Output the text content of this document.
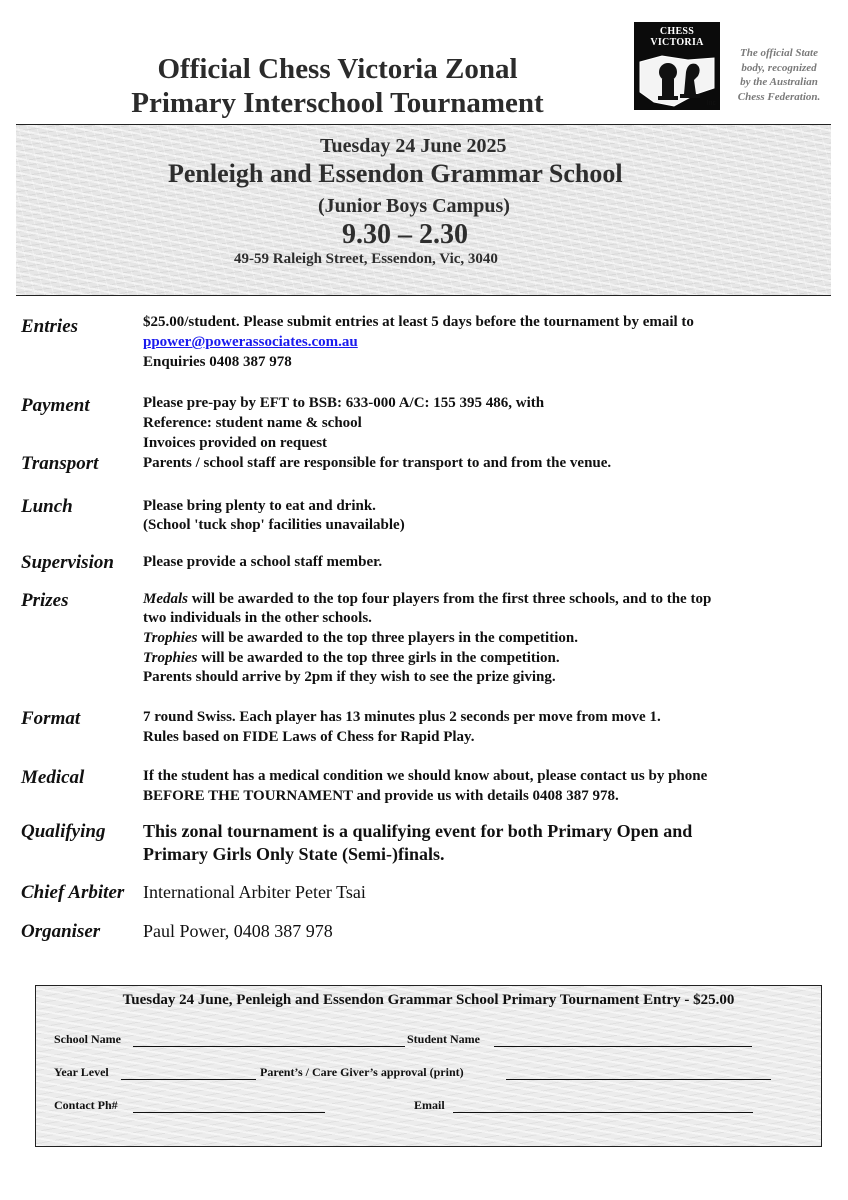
Official Chess Victoria Zonal
Primary Interschool Tournament
CHESS
VICTORIA
Inc
The official State
body, recognized
by the Australian
Chess Federation.
Tuesday 24 June 2025
Penleigh and Essendon Grammar School
(Junior Boys Campus)
9.30 – 2.30
49-59 Raleigh Street, Essendon, Vic, 3040
Entries	$25.00/student. Please submit entries at least 5 days before the tournament by email to
ppower@powerassociates.com.au
Enquiries 0408 387 978
Payment	Please pre-pay by EFT to BSB: 633-000 A/C: 155 395 486, with
Reference: student name & school
Invoices provided on request
Transport	Parents / school staff are responsible for transport to and from the venue.
Lunch	Please bring plenty to eat and drink.
(School 'tuck shop' facilities unavailable)
Supervision Please provide a school staff member.
Prizes	Medals will be awarded to the top four players from the first three schools, and to the top
two individuals in the other schools.
Trophies will be awarded to the top three players in the competition.
Trophies will be awarded to the top three girls in the competition.
Parents should arrive by 2pm if they wish to see the prize giving.
Format	7 round Swiss. Each player has 13 minutes plus 2 seconds per move from move 1.
Rules based on FIDE Laws of Chess for Rapid Play.
Medical	If the student has a medical condition we should know about, please contact us by phone
BEFORE THE TOURNAMENT and provide us with details 0408 387 978.
Qualifying This zonal tournament is a qualifying event for both Primary Open and
Primary Girls Only State (Semi-)finals.
Chief Arbiter International Arbiter Peter Tsai
Organiser Paul Power, 0408 387 978
Tuesday 24 June, Penleigh and Essendon Grammar School Primary Tournament Entry - $25.00
School Name	Student Name
Year Level	Parent’s / Care Giver’s approval (print)
Contact Ph#	Email
